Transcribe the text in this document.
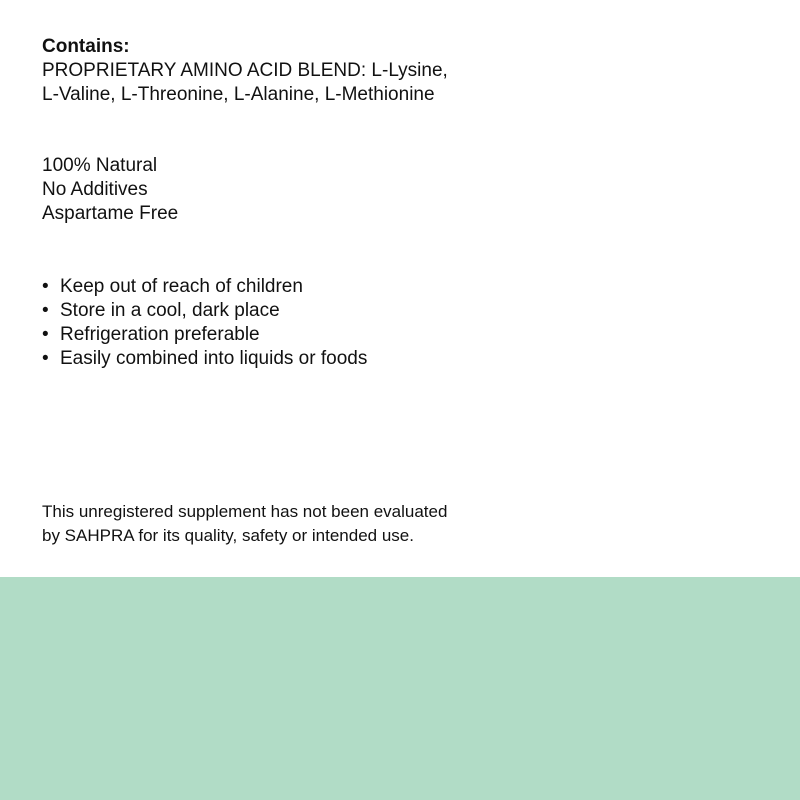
Contains:
PROPRIETARY AMINO ACID BLEND: L-Lysine,
L-Valine, L-Threonine, L-Alanine, L-Methionine
100% Natural
No Additives
Aspartame Free
• Keep out of reach of children
• Store in a cool, dark place
• Refrigeration preferable
• Easily combined into liquids or foods
This unregistered supplement has not been evaluated
by SAHPRA for its quality, safety or intended use.
